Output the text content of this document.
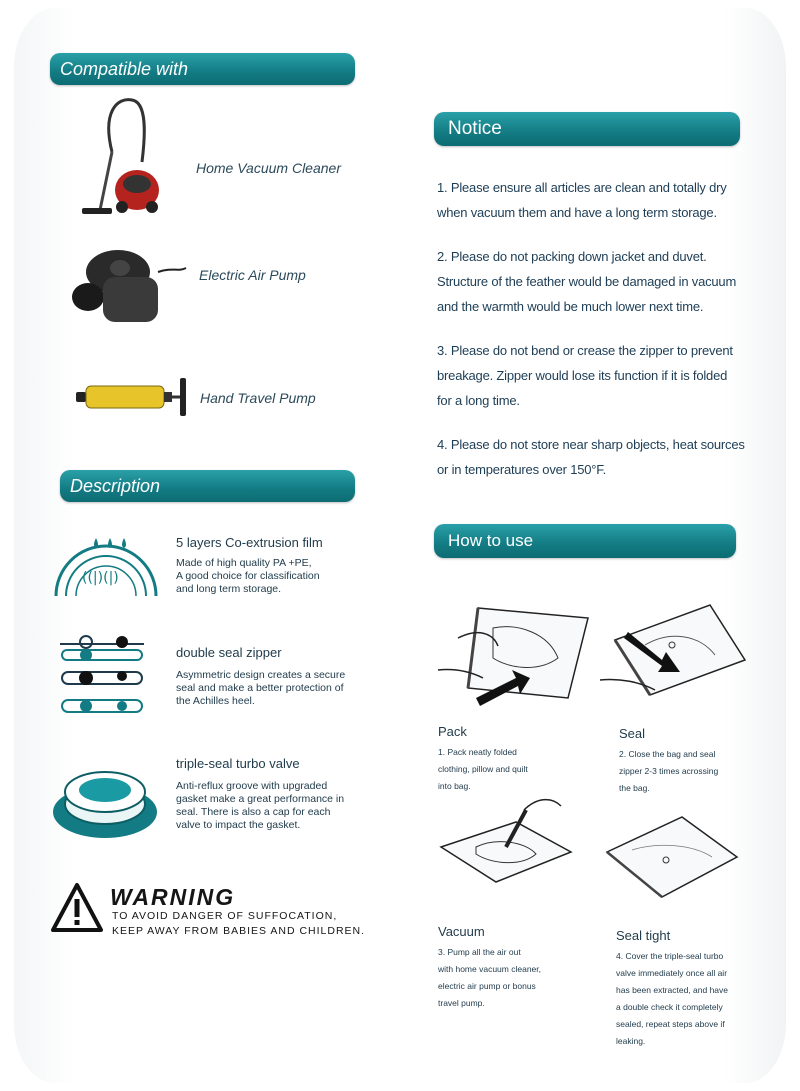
Compatible with
Home Vacuum Cleaner
Electric Air Pump
Hand Travel Pump
Description
((|)(|)
5 layers Co-extrusion film
Made of high quality PA +PE,
A good choice for classification
and long term storage.
double seal zipper
Asymmetric design creates a secure
seal and make a better protection of
the Achilles heel.
triple-seal turbo valve
Anti-reflux groove with upgraded
gasket make a great performance in
seal. There is also a cap for each
valve to impact the gasket.
WARNING
TO AVOID DANGER OF SUFFOCATION,
KEEP AWAY FROM BABIES AND CHILDREN.
Notice
1. Please ensure all articles are clean and totally dry
when vacuum them and have a long term storage.
2. Please do not packing down jacket and duvet.
Structure of the feather would be damaged in vacuum
and the warmth would be much lower next time.
3. Please do not bend or crease the zipper to prevent
breakage. Zipper would lose its function if it is folded
for a long time.
4. Please do not store near sharp objects, heat sources
or in temperatures over 150°F.
How to use
Pack
1. Pack neatly folded
clothing, pillow and quilt
into bag.
Seal
2. Close the bag and seal
zipper 2-3 times acrossing
the bag.
Vacuum
3. Pump all the air out
with home vacuum cleaner,
electric air pump or bonus
travel pump.
Seal tight
4. Cover the triple-seal turbo
valve immediately once all air
has been extracted, and have
a double check it completely
sealed, repeat steps above if
leaking.
